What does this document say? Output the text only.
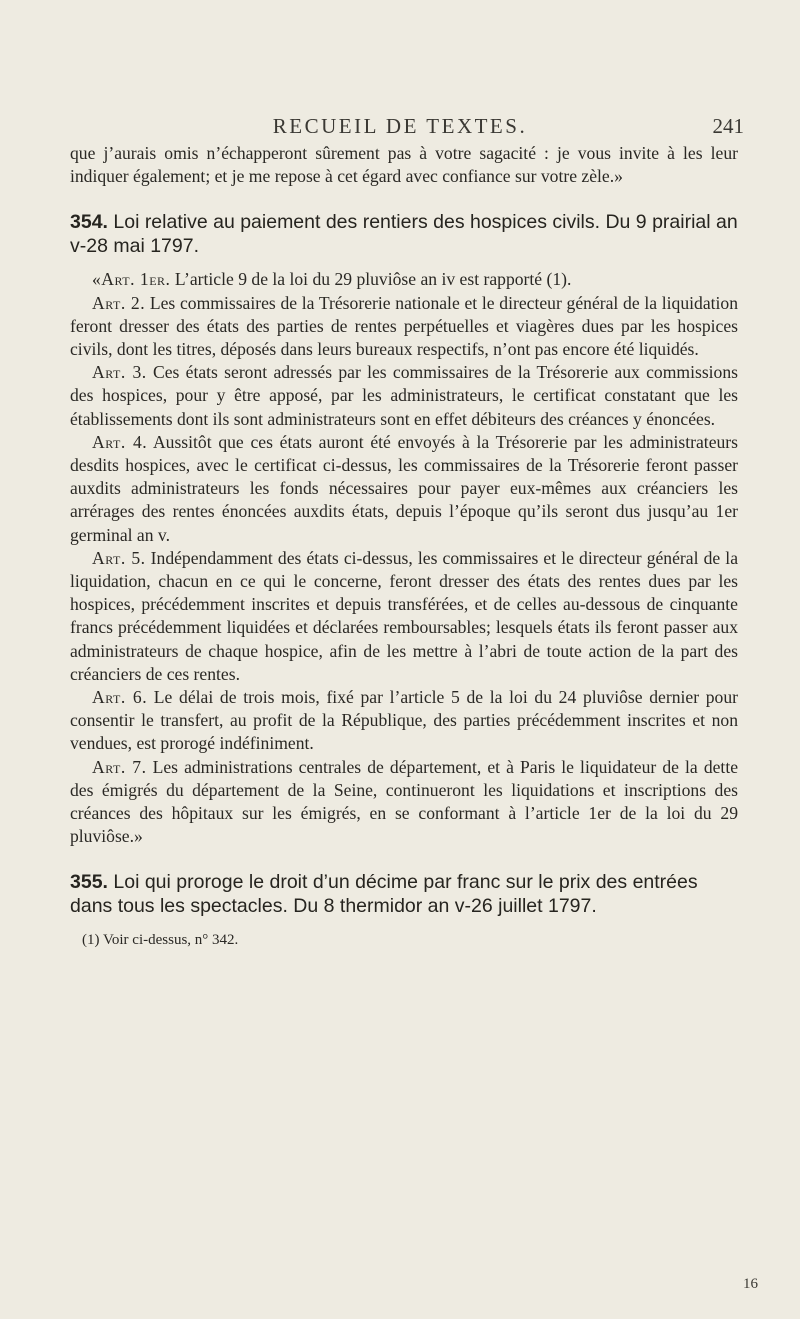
RECUEIL DE TEXTES.	241

que j’aurais omis n’échapperont sûrement pas à votre sagacité : je vous invite à les leur indiquer également; et je me repose à cet égard avec confiance sur votre zèle.»

354. Loi relative au paiement des rentiers des hospices civils. Du 9 prairial an v-28 mai 1797.

«Art. 1er. L’article 9 de la loi du 29 pluviôse an iv est rapporté (1).

Art. 2. Les commissaires de la Trésorerie nationale et le directeur général de la liquidation feront dresser des états des parties de rentes perpétuelles et viagères dues par les hospices civils, dont les titres, déposés dans leurs bureaux respectifs, n’ont pas encore été liquidés.

Art. 3. Ces états seront adressés par les commissaires de la Trésorerie aux commissions des hospices, pour y être apposé, par les administrateurs, le certificat constatant que les établissements dont ils sont administrateurs sont en effet débiteurs des créances y énoncées.

Art. 4. Aussitôt que ces états auront été envoyés à la Trésorerie par les administrateurs desdits hospices, avec le certificat ci-dessus, les commissaires de la Trésorerie feront passer auxdits administrateurs les fonds nécessaires pour payer eux-mêmes aux créanciers les arrérages des rentes énoncées auxdits états, depuis l’époque qu’ils seront dus jusqu’au 1er germinal an v.

Art. 5. Indépendamment des états ci-dessus, les commissaires et le directeur général de la liquidation, chacun en ce qui le concerne, feront dresser des états des rentes dues par les hospices, précédemment inscrites et depuis transférées, et de celles au-dessous de cinquante francs précédemment liquidées et déclarées remboursables; lesquels états ils feront passer aux administrateurs de chaque hospice, afin de les mettre à l’abri de toute action de la part des créanciers de ces rentes.

Art. 6. Le délai de trois mois, fixé par l’article 5 de la loi du 24 pluviôse dernier pour consentir le transfert, au profit de la République, des parties précédemment inscrites et non vendues, est prorogé indéfiniment.

Art. 7. Les administrations centrales de département, et à Paris le liquidateur de la dette des émigrés du département de la Seine, continueront les liquidations et inscriptions des créances des hôpitaux sur les émigrés, en se conformant à l’article 1er de la loi du 29 pluviôse.»

355. Loi qui proroge le droit d’un décime par franc sur le prix des entrées dans tous les spectacles. Du 8 thermidor an v-26 juillet 1797.
(1) Voir ci-dessus, n° 342.
16
